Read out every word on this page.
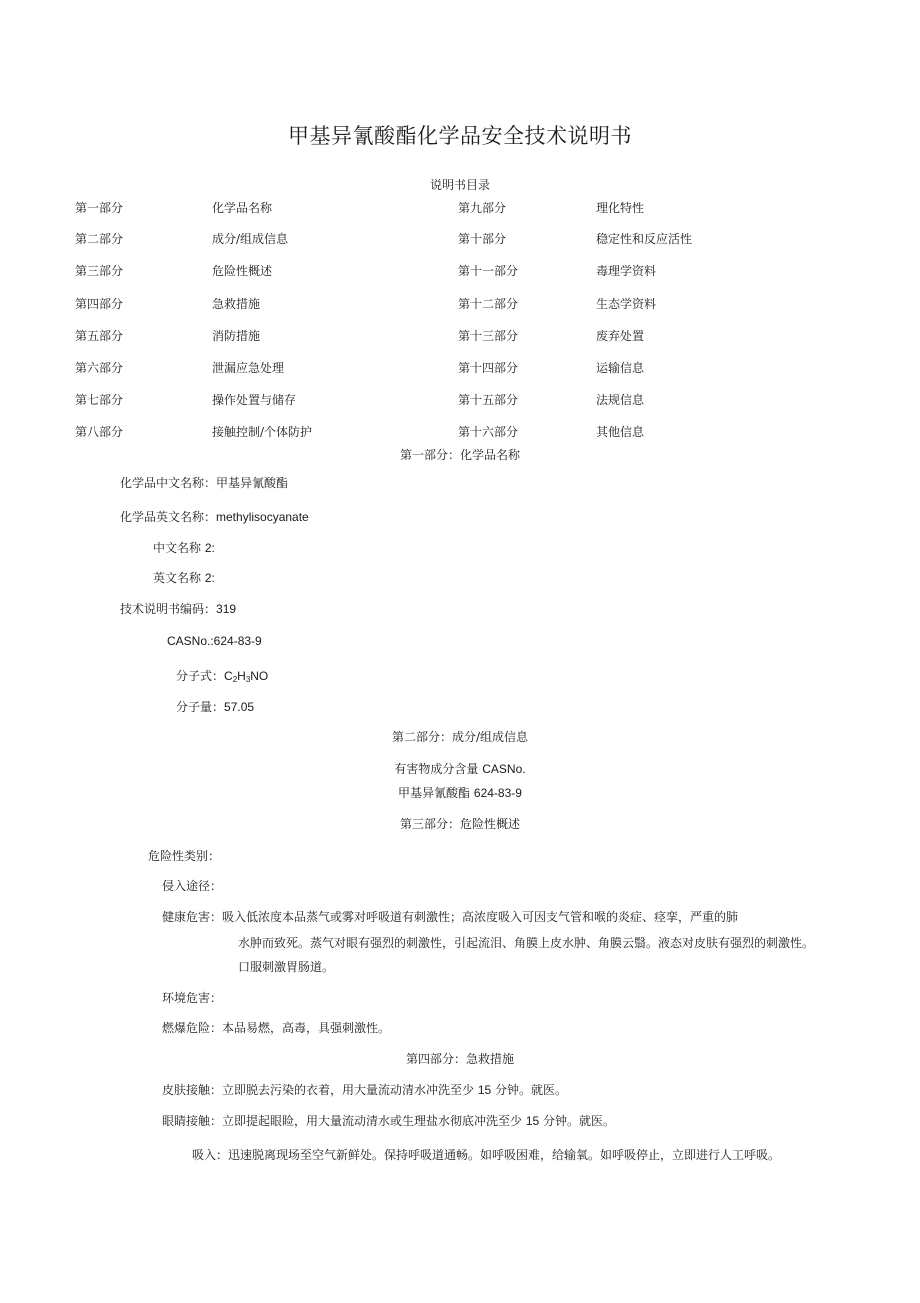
甲基异氰酸酯化学品安全技术说明书
说明书目录
第一部分	化学品名称	第九部分	理化特性
第二部分	成分/组成信息	第十部分	稳定性和反应活性
第三部分	危险性概述	第十一部分	毒理学资料
第四部分	急救措施	第十二部分	生态学资料
第五部分	消防措施	第十三部分	废弃处置
第六部分	泄漏应急处理	第十四部分	运输信息
第七部分	操作处置与储存	第十五部分	法规信息
第八部分	接触控制/个体防护	第十六部分	其他信息
第一部分：化学品名称
化学品中文名称：甲基异氰酸酯
化学品英文名称：methylisocyanate
中文名称 2:
英文名称 2:
技术说明书编码：319
CASNo.:624-83-9
分子式：$C_2H_3NO$
分子量：57.05
第二部分：成分/组成信息
有害物成分含量 CASNo.
甲基异氰酸酯 624-83-9
第三部分：危险性概述
危险性类别：
侵入途径：
健康危害：吸入低浓度本品蒸气或雾对呼吸道有刺激性；高浓度吸入可因支气管和喉的炎症、痉挛，严重的肺
水肿而致死。蒸气对眼有强烈的刺激性，引起流泪、角膜上皮水肿、角膜云翳。液态对皮肤有强烈的刺激性。
口服刺激胃肠道。
环境危害：
燃爆危险：本品易燃，高毒，具强刺激性。
第四部分：急救措施
皮肤接触：立即脱去污染的衣着，用大量流动清水冲洗至少 15 分钟。就医。
眼睛接触：立即提起眼睑，用大量流动清水或生理盐水彻底冲洗至少 15 分钟。就医。
吸入：迅速脱离现场至空气新鲜处。保持呼吸道通畅。如呼吸困难，给输氧。如呼吸停止，立即进行人工呼吸。
